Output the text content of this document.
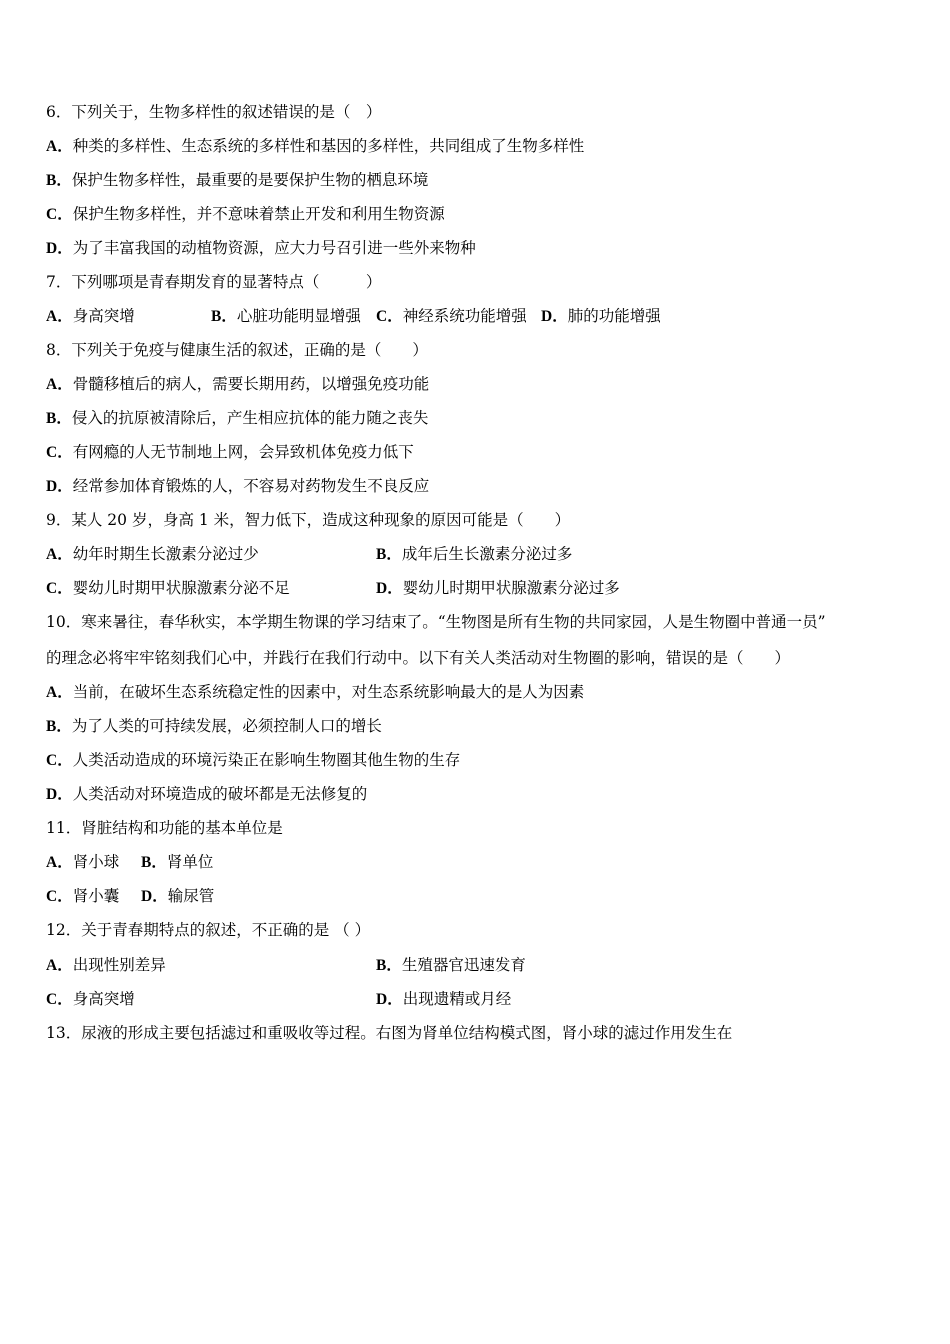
6．下列关于，生物多样性的叙述错误的是（　）
A．种类的多样性、生态系统的多样性和基因的多样性，共同组成了生物多样性
B．保护生物多样性，最重要的是要保护生物的栖息环境
C．保护生物多样性，并不意味着禁止开发和利用生物资源
D．为了丰富我国的动植物资源，应大力号召引进一些外来物种
7．下列哪项是青春期发育的显著特点（　　　）
A．身高突增	B．心脏功能明显增强 C．神经系统功能增强 D．肺的功能增强
8．下列关于免疫与健康生活的叙述，正确的是（　　）
A．骨髓移植后的病人，需要长期用药，以增强免疫功能
B．侵入的抗原被清除后，产生相应抗体的能力随之丧失
C．有网瘾的人无节制地上网，会异致机体免疫力低下
D．经常参加体育锻炼的人，不容易对药物发生不良反应
9．某人 20 岁，身高 1 米，智力低下，造成这种现象的原因可能是（　　）
A．幼年时期生长激素分泌过少	B．成年后生长激素分泌过多
C．婴幼儿时期甲状腺激素分泌不足	D．婴幼儿时期甲状腺激素分泌过多
10．寒来暑往，春华秋实，本学期生物课的学习结束了。“生物图是所有生物的共同家园，人是生物圈中普通一员”
的理念必将牢牢铭刻我们心中，并践行在我们行动中。以下有关人类活动对生物圈的影响，错误的是（　　）
A．当前，在破坏生态系统稳定性的因素中，对生态系统影响最大的是人为因素
B．为了人类的可持续发展，必须控制人口的增长
C．人类活动造成的环境污染正在影响生物圈其他生物的生存
D．人类活动对环境造成的破坏都是无法修复的
11．肾脏结构和功能的基本单位是
A．肾小球 B．肾单位
C．肾小囊 D．输尿管
12．关于青春期特点的叙述，不正确的是 （ ）
A．出现性别差异	B．生殖器官迅速发育
C．身高突增	D．出现遗精或月经
13．尿液的形成主要包括滤过和重吸收等过程。右图为肾单位结构模式图，肾小球的滤过作用发生在
